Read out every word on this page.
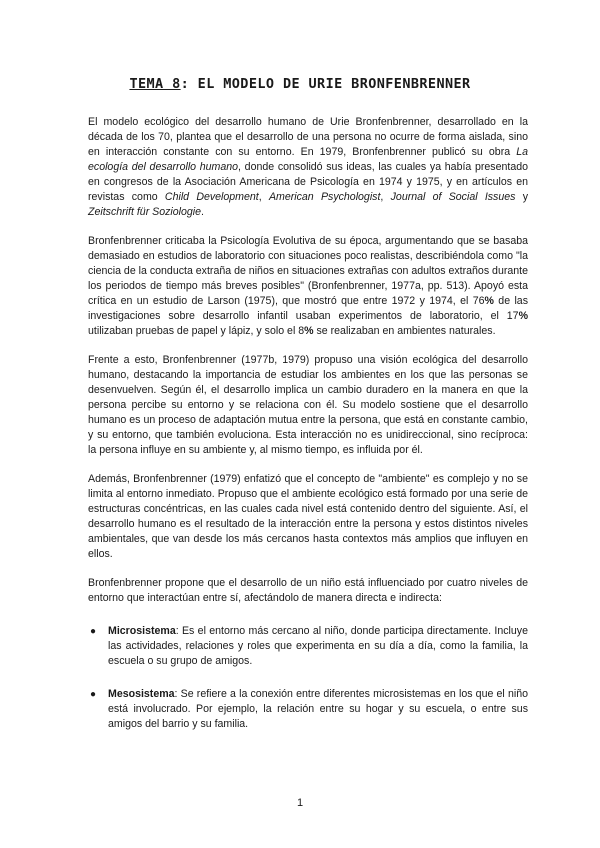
TEMA 8: EL MODELO DE URIE BRONFENBRENNER

El modelo ecológico del desarrollo humano de Urie Bronfenbrenner, desarrollado en la década de los 70, plantea que el desarrollo de una persona no ocurre de forma aislada, sino en interacción constante con su entorno. En 1979, Bronfenbrenner publicó su obra La ecología del desarrollo humano, donde consolidó sus ideas, las cuales ya había presentado en congresos de la Asociación Americana de Psicología en 1974 y 1975, y en artículos en revistas como Child Development, American Psychologist, Journal of Social Issues y Zeitschrift für Soziologie.

Bronfenbrenner criticaba la Psicología Evolutiva de su época, argumentando que se basaba demasiado en estudios de laboratorio con situaciones poco realistas, describiéndola como "la ciencia de la conducta extraña de niños en situaciones extrañas con adultos extraños durante los periodos de tiempo más breves posibles" (Bronfenbrenner, 1977a, pp. 513). Apoyó esta crítica en un estudio de Larson (1975), que mostró que entre 1972 y 1974, el 76% de las investigaciones sobre desarrollo infantil usaban experimentos de laboratorio, el 17% utilizaban pruebas de papel y lápiz, y solo el 8% se realizaban en ambientes naturales.

Frente a esto, Bronfenbrenner (1977b, 1979) propuso una visión ecológica del desarrollo humano, destacando la importancia de estudiar los ambientes en los que las personas se desenvuelven. Según él, el desarrollo implica un cambio duradero en la manera en que la persona percibe su entorno y se relaciona con él. Su modelo sostiene que el desarrollo humano es un proceso de adaptación mutua entre la persona, que está en constante cambio, y su entorno, que también evoluciona. Esta interacción no es unidireccional, sino recíproca: la persona influye en su ambiente y, al mismo tiempo, es influida por él.

Además, Bronfenbrenner (1979) enfatizó que el concepto de "ambiente" es complejo y no se limita al entorno inmediato. Propuso que el ambiente ecológico está formado por una serie de estructuras concéntricas, en las cuales cada nivel está contenido dentro del siguiente. Así, el desarrollo humano es el resultado de la interacción entre la persona y estos distintos niveles ambientales, que van desde los más cercanos hasta contextos más amplios que influyen en ellos.

Bronfenbrenner propone que el desarrollo de un niño está influenciado por cuatro niveles de entorno que interactúan entre sí, afectándolo de manera directa e indirecta:

● Microsistema: Es el entorno más cercano al niño, donde participa directamente. Incluye las actividades, relaciones y roles que experimenta en su día a día, como la familia, la escuela o su grupo de amigos.
● Mesosistema: Se refiere a la conexión entre diferentes microsistemas en los que el niño está involucrado. Por ejemplo, la relación entre su hogar y su escuela, o entre sus amigos del barrio y su familia.
1
